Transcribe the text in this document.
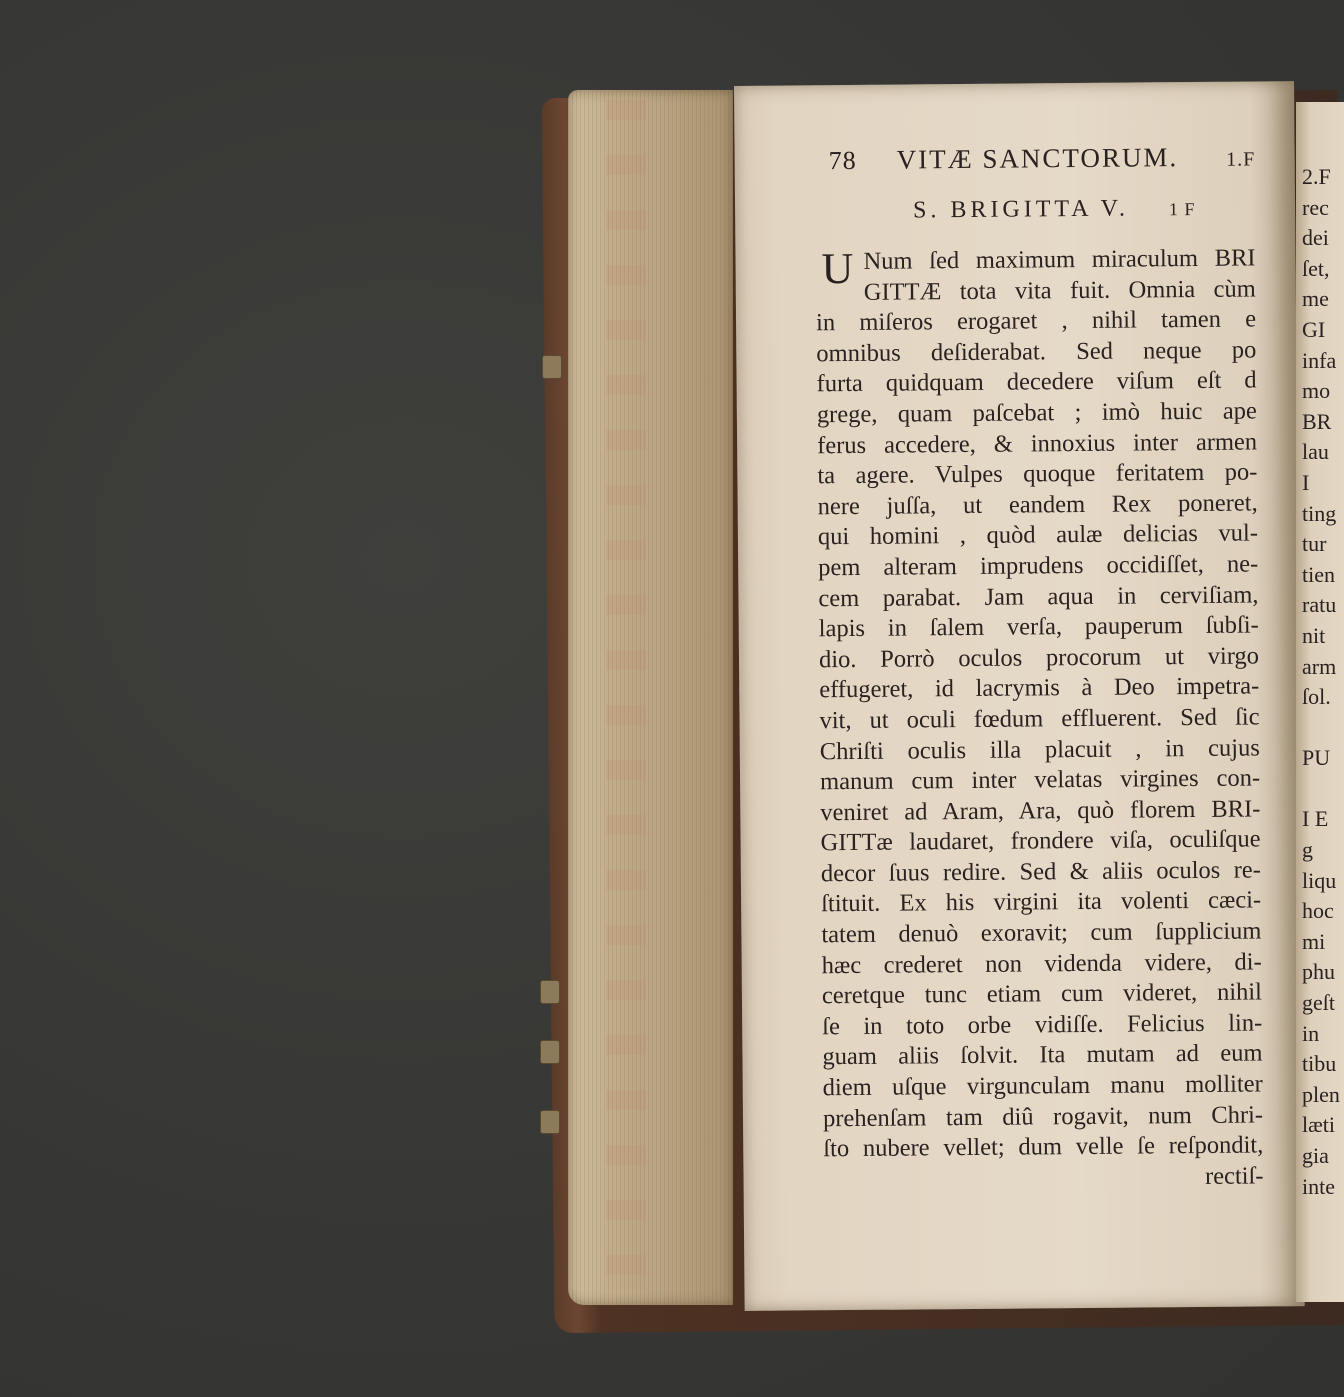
78 VITÆ SANCTORUM. 1.F
S. BRIGITTA V. 1 F
U Num ſed maximum miraculum BRI
GITTÆ tota vita fuit. Omnia cùm
in miſeros erogaret , nihil tamen e
omnibus deſiderabat. Sed neque po
furta quidquam decedere viſum eſt d
grege, quam paſcebat ; imò huic ape
ferus accedere, & innoxius inter armen
ta agere. Vulpes quoque feritatem po-
nere juſſa, ut eandem Rex poneret,
qui homini , quòd aulæ delicias vul-
pem alteram imprudens occidiſſet, ne-
cem parabat. Jam aqua in cerviſiam,
lapis in ſalem verſa, pauperum ſubſi-
dio. Porrò oculos procorum ut virgo
effugeret, id lacrymis à Deo impetra-
vit, ut oculi fœdum effluerent. Sed ſic
Chriſti oculis illa placuit , in cujus
manum cum inter velatas virgines con-
veniret ad Aram, Ara, quò florem BRI-
GITTæ laudaret, frondere viſa, oculiſque
decor ſuus redire. Sed & aliis oculos re-
ſtituit. Ex his virgini ita volenti cæci-
tatem denuò exoravit; cum ſupplicium
hæc crederet non videnda videre, di-
ceretque tunc etiam cum videret, nihil
ſe in toto orbe vidiſſe. Felicius lin-
guam aliis ſolvit. Ita mutam ad eum
diem uſque virgunculam manu molliter
prehenſam tam diû rogavit, num Chri-
ſto nubere vellet; dum velle ſe reſpondit,
rectiſ-
2.F
rec
dei
ſet,
me
GI
infa
mo
BR
lau
I
ting
tur
tien
ratu
nit
arm
ſol.

PU

I E
g
liqu
hoc
mi
phu
geſt
in
tibu
plen
læti
gia
inte
